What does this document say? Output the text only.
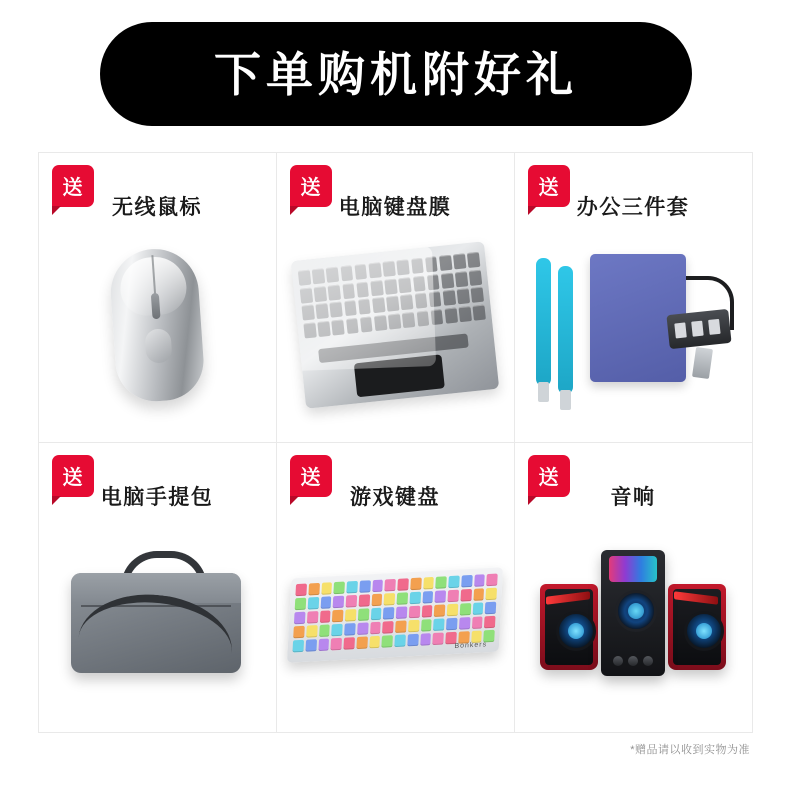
下单购机附好礼
送
无线鼠标
送
电脑键盘膜
送
办公三件套
送
电脑手提包
送
游戏键盘
Bonkers
送
音响
*赠品请以收到实物为准
